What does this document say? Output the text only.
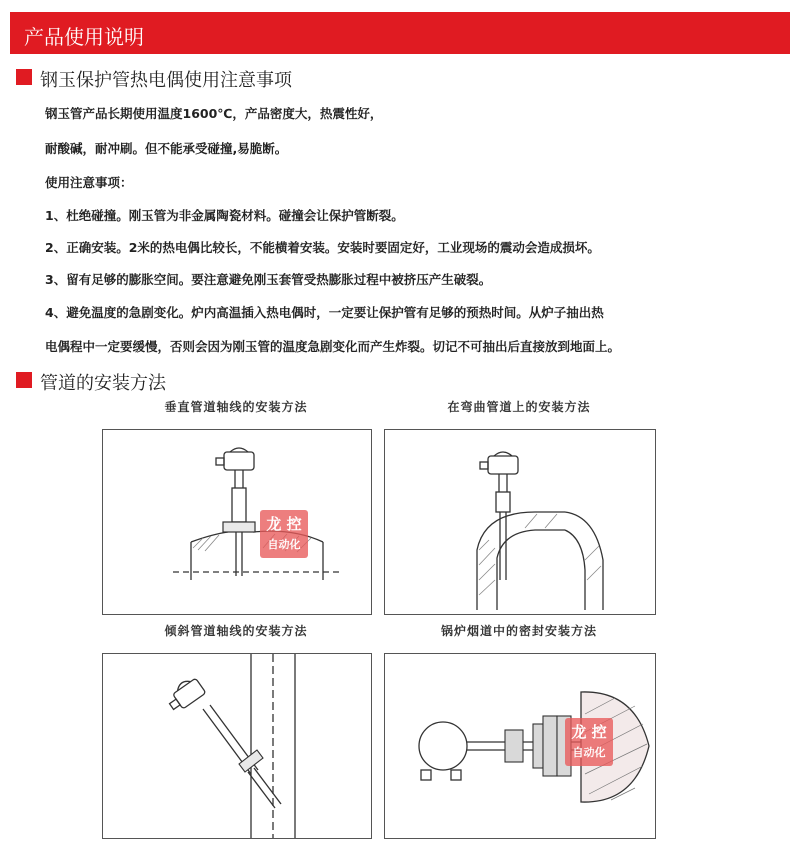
产品使用说明
钢玉保护管热电偶使用注意事项
钢玉管产品长期使用温度1600℃，产品密度大，热震性好，
耐酸碱，耐冲刷。但不能承受碰撞,易脆断。
使用注意事项：
1、杜绝碰撞。刚玉管为非金属陶瓷材料。碰撞会让保护管断裂。
2、正确安装。2米的热电偶比较长，不能横着安装。安装时要固定好，工业现场的震动会造成损坏。
3、留有足够的膨胀空间。要注意避免刚玉套管受热膨胀过程中被挤压产生破裂。
4、避免温度的急剧变化。炉内高温插入热电偶时，一定要让保护管有足够的预热时间。从炉子抽出热
电偶程中一定要缓慢，否则会因为刚玉管的温度急剧变化而产生炸裂。切记不可抽出后直接放到地面上。
管道的安装方法
垂直管道轴线的安装方法	在弯曲管道上的安装方法
倾斜管道轴线的安装方法	锅炉烟道中的密封安装方法
龙 控
自动化
龙 控
自动化
